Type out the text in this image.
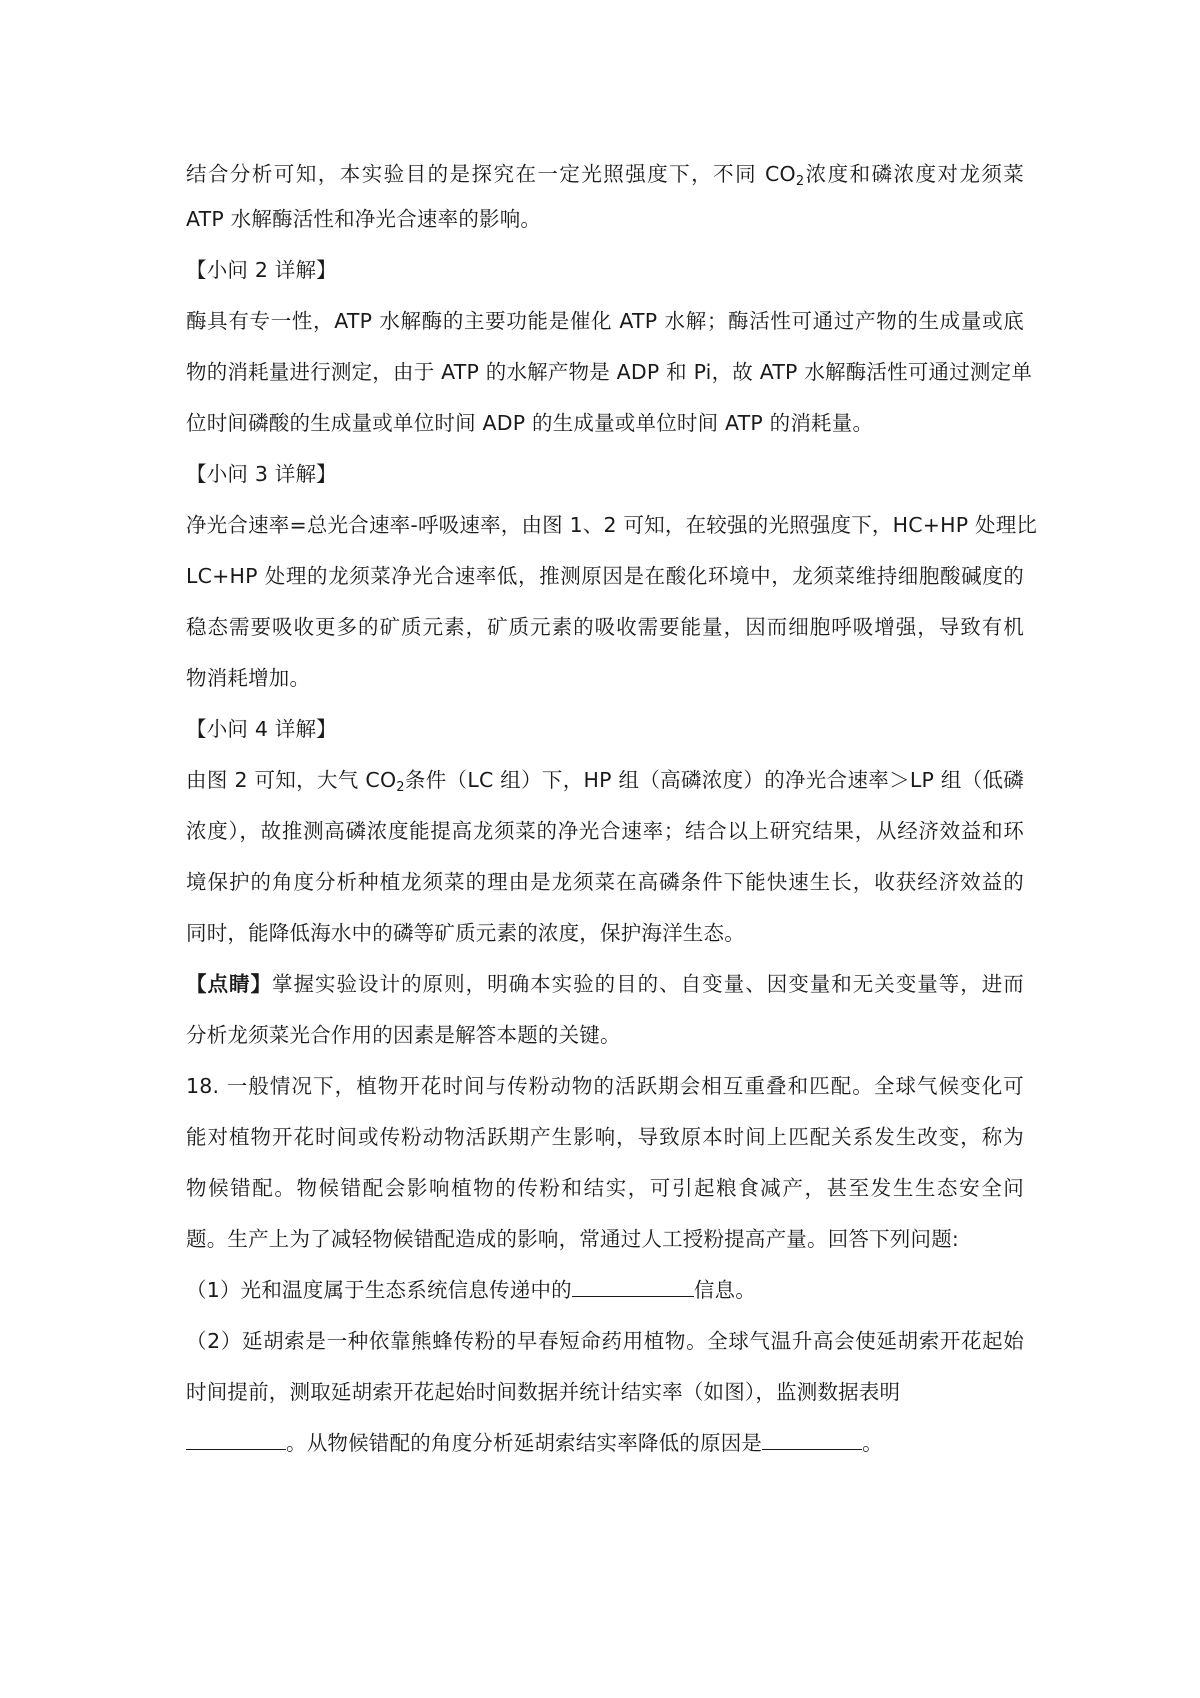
结合分析可知，本实验目的是探究在一定光照强度下，不同 $CO_2$浓度和磷浓度对龙须菜
ATP 水解酶活性和净光合速率的影响。
【小问 2 详解】
酶具有专一性，ATP 水解酶的主要功能是催化 ATP 水解；酶活性可通过产物的生成量或底
物的消耗量进行测定，由于 ATP 的水解产物是 ADP 和 Pi，故 ATP 水解酶活性可通过测定单
位时间磷酸的生成量或单位时间 ADP 的生成量或单位时间 ATP 的消耗量。
【小问 3 详解】
净光合速率=总光合速率-呼吸速率，由图 1、2 可知，在较强的光照强度下，HC+HP 处理比
LC+HP 处理的龙须菜净光合速率低，推测原因是在酸化环境中，龙须菜维持细胞酸碱度的
稳态需要吸收更多的矿质元素，矿质元素的吸收需要能量，因而细胞呼吸增强，导致有机
物消耗增加。
【小问 4 详解】
由图 2 可知，大气 $CO_2$条件（LC 组）下，HP 组（高磷浓度）的净光合速率＞LP 组（低磷
浓度），故推测高磷浓度能提高龙须菜的净光合速率；结合以上研究结果，从经济效益和环
境保护的角度分析种植龙须菜的理由是龙须菜在高磷条件下能快速生长，收获经济效益的
同时，能降低海水中的磷等矿质元素的浓度，保护海洋生态。
【点睛】掌握实验设计的原则，明确本实验的目的、自变量、因变量和无关变量等，进而
分析龙须菜光合作用的因素是解答本题的关键。
18. 一般情况下，植物开花时间与传粉动物的活跃期会相互重叠和匹配。全球气候变化可
能对植物开花时间或传粉动物活跃期产生影响，导致原本时间上匹配关系发生改变，称为
物候错配。物候错配会影响植物的传粉和结实，可引起粮食减产，甚至发生生态安全问
题。生产上为了减轻物候错配造成的影响，常通过人工授粉提高产量。回答下列问题:
（1）光和温度属于生态系统信息传递中的	信息。
（2）延胡索是一种依靠熊蜂传粉的早春短命药用植物。全球气温升高会使延胡索开花起始
时间提前，测取延胡索开花起始时间数据并统计结实率（如图），监测数据表明
。从物候错配的角度分析延胡索结实率降低的原因是	。
